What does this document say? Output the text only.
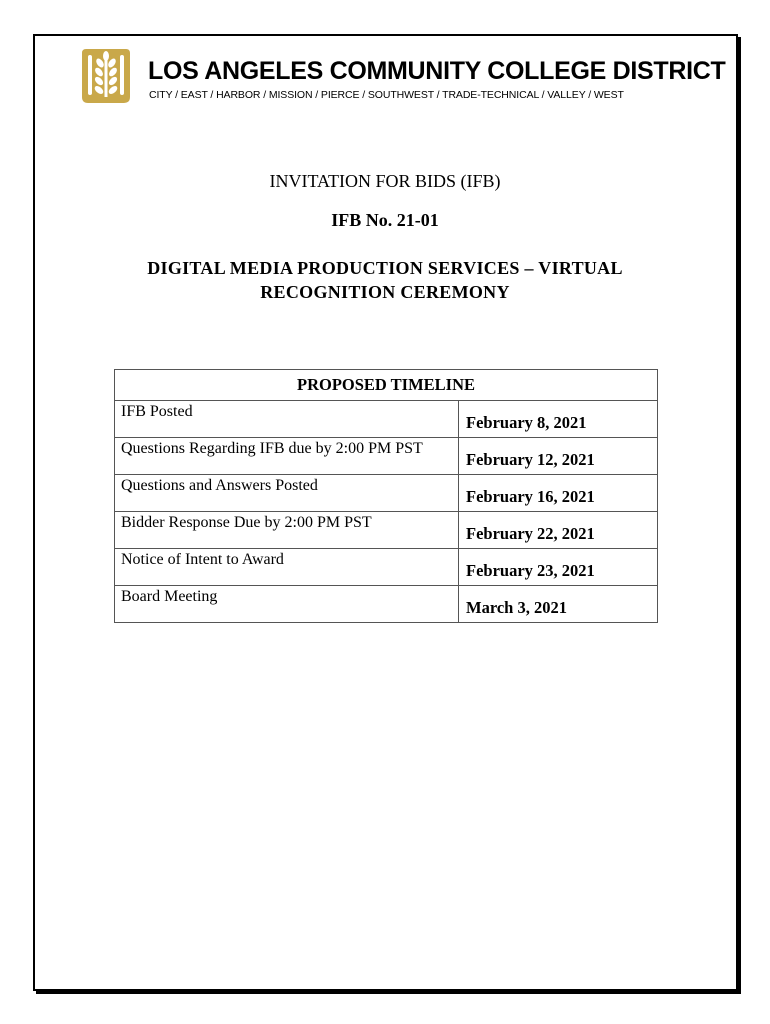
LOS ANGELES COMMUNITY COLLEGE DISTRICT
CITY / EAST / HARBOR / MISSION / PIERCE / SOUTHWEST / TRADE-TECHNICAL / VALLEY / WEST
INVITATION FOR BIDS (IFB)
IFB No. 21-01
DIGITAL MEDIA PRODUCTION SERVICES – VIRTUAL
RECOGNITION CEREMONY
PROPOSED TIMELINE	
IFB Posted	February 8, 2021
Questions Regarding IFB due by 2:00 PM PST	February 12, 2021
Questions and Answers Posted	February 16, 2021
Bidder Response Due by 2:00 PM PST	February 22, 2021
Notice of Intent to Award	February 23, 2021
Board Meeting	March 3, 2021
